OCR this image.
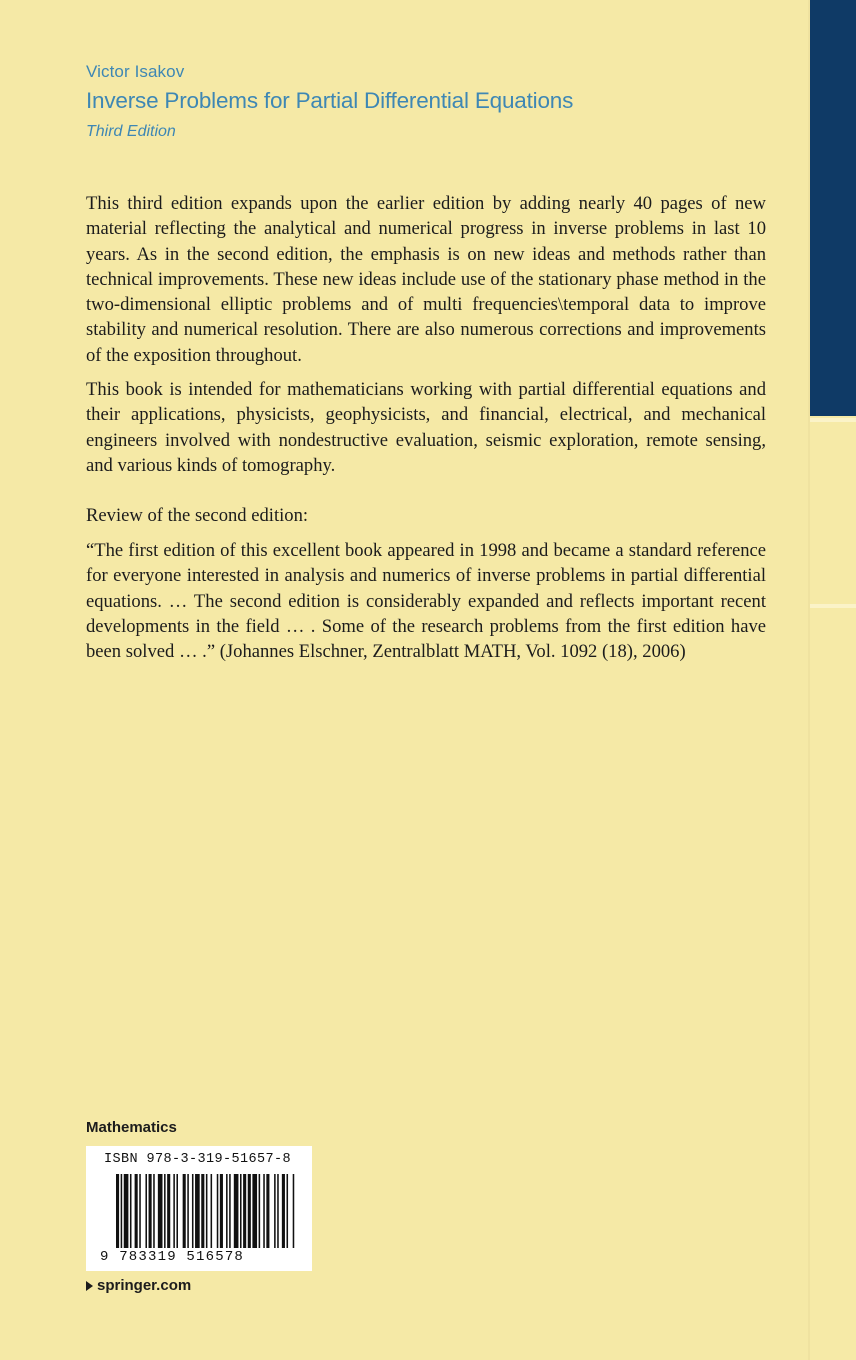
Victor Isakov
Inverse Problems for Partial Differential Equations
Third Edition

This third edition expands upon the earlier edition by adding nearly 40 pages of new material reflecting the analytical and numerical progress in inverse problems in last 10 years. As in the second edition, the emphasis is on new ideas and methods rather than technical improvements. These new ideas include use of the stationary phase method in the two-dimensional elliptic problems and of multi frequencies\temporal data to improve stability and numerical resolution. There are also numerous corrections and improvements of the exposition throughout.

This book is intended for mathematicians working with partial differential equations and their applications, physicists, geophysicists, and financial, electrical, and mechanical engineers involved with nondestructive evaluation, seismic exploration, remote sensing, and various kinds of tomography.

Review of the second edition:

“The first edition of this excellent book appeared in 1998 and became a standard reference for everyone interested in analysis and numerics of inverse problems in partial differential equations. … The second edition is considerably expanded and reflects important recent developments in the field … . Some of the research problems from the first edition have been solved … .” (Johannes Elschner, Zentralblatt MATH, Vol. 1092 (18), 2006)

Mathematics
ISBN 978-3-319-51657-8
9 783319 516578
springer.com
